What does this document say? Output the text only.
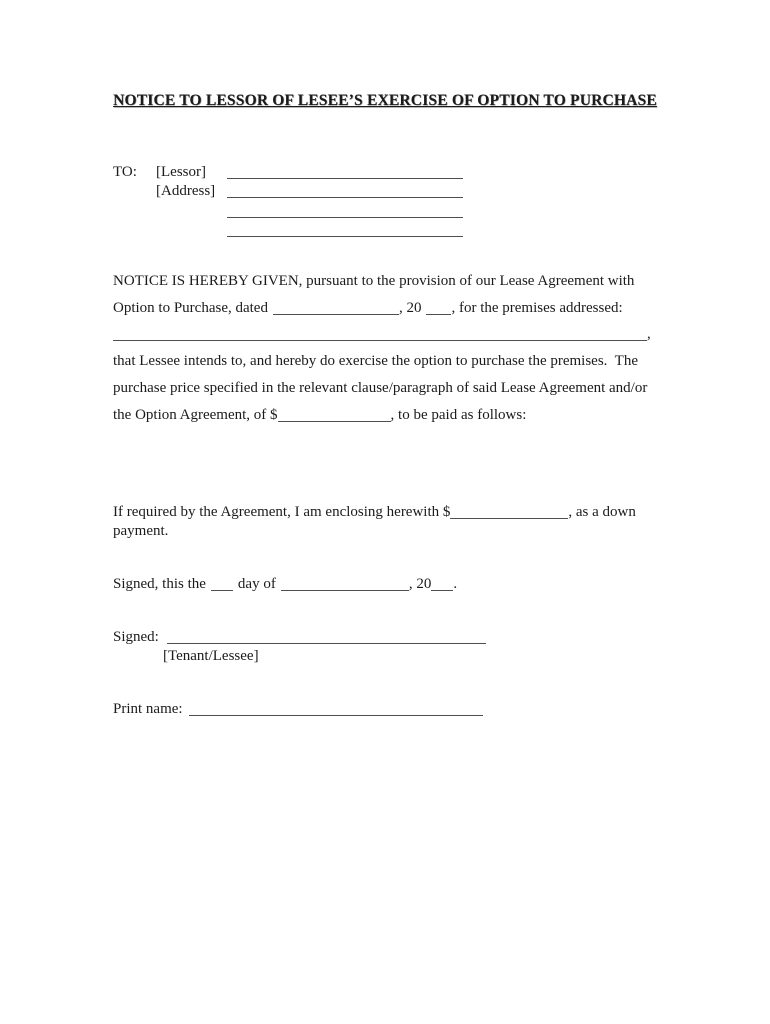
NOTICE TO LESSOR OF LESEE’S EXERCISE OF OPTION TO PURCHASE
TO: [Lessor]
[Address]
NOTICE IS HEREBY GIVEN, pursuant to the provision of our Lease Agreement with
Option to Purchase, dated	, 20 , for the premises addressed:
,
that Lessee intends to, and hereby do exercise the option to purchase the premises.  The
purchase price specified in the relevant clause/paragraph of said Lease Agreement and/or
the Option Agreement, of $	, to be paid as follows:
If required by the Agreement, I am enclosing herewith $	, as a down
payment.
Signed, this the day of	, 20 .
Signed:
[Tenant/Lessee]
Print name:
